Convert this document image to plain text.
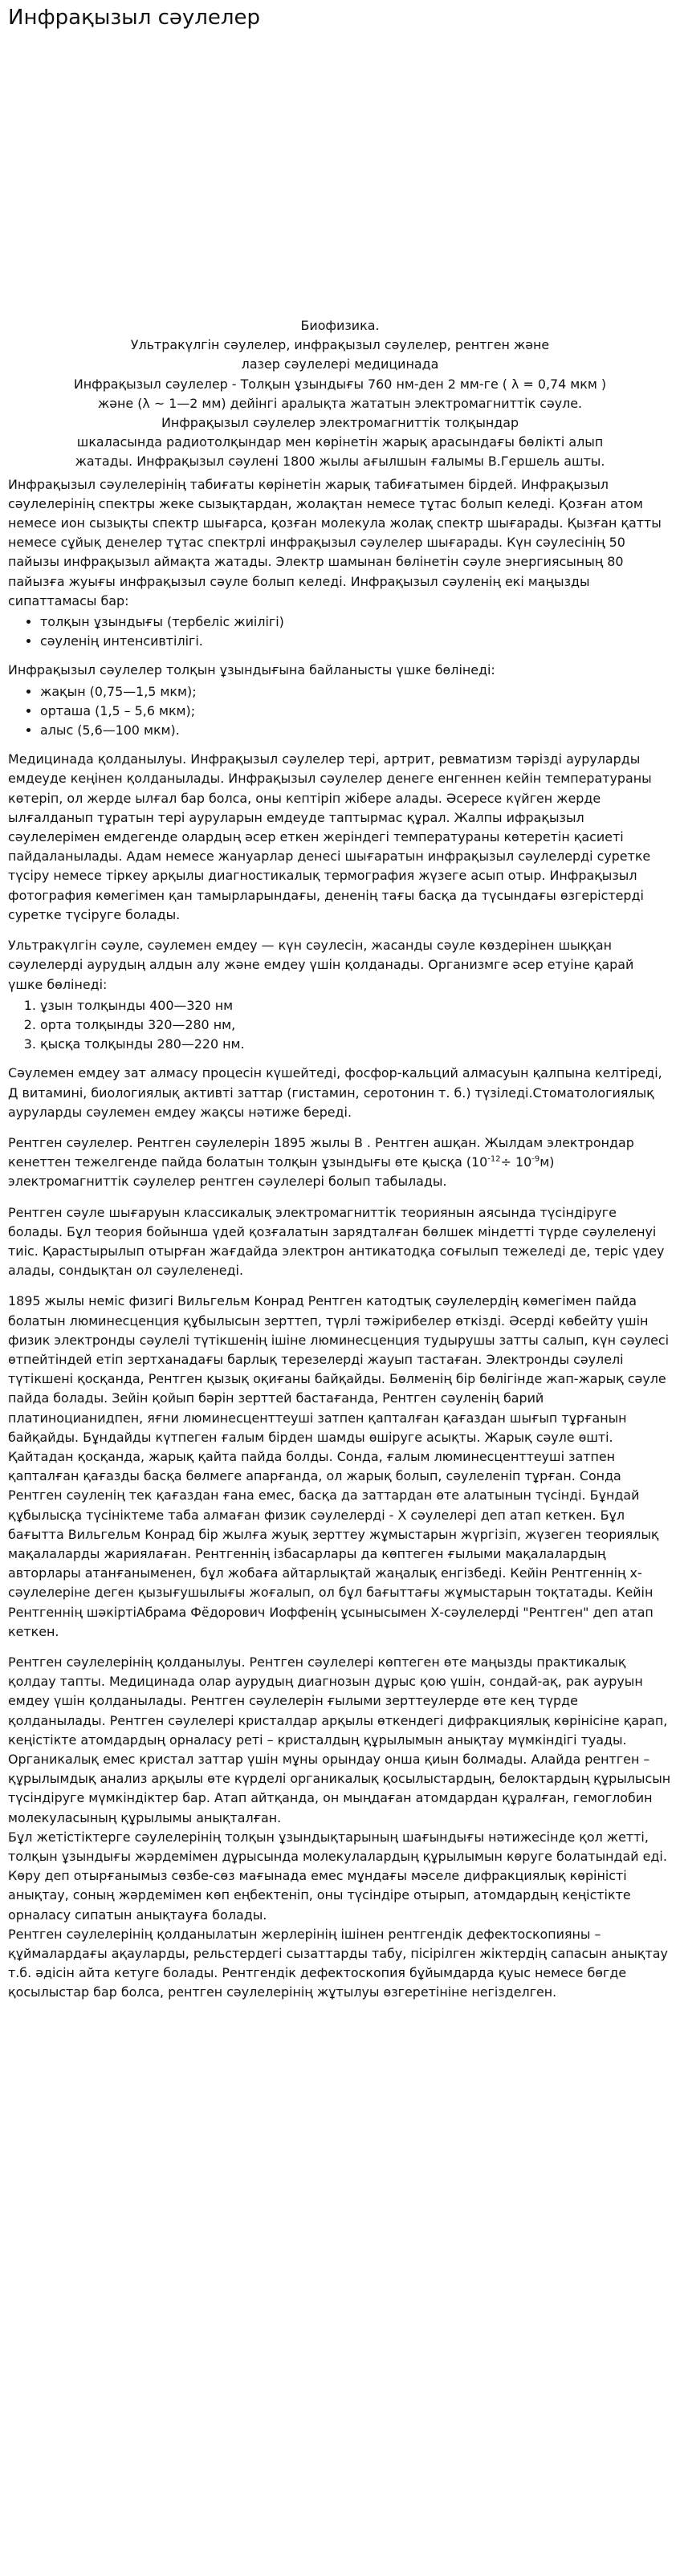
Инфрақызыл сәулелер
Биофизика.
Ультракүлгін сәулелер, инфрақызыл сәулелер, рентген және
лазер сәулелері медицинада
Инфрақызыл сәулелер - Толқын ұзындығы 760 нм-ден 2 мм-ге ( λ = 0,74 мкм )
және (λ ~ 1—2 мм) дейінгі аралықта жататын электромагниттік сәуле.
Инфрақызыл сәулелер электромагниттік толқындар
шкаласында радиотолқындар мен көрінетін жарық арасындағы бөлікті алып
жатады. Инфрақызыл сәулені 1800 жылы ағылшын ғалымы В.Гершель ашты.

Инфрақызыл сәулелерінің табиғаты көрінетін жарық табиғатымен бірдей. Инфрақызыл сәулелерінің спектры жеке сызықтардан, жолақтан немесе тұтас болып келеді. Қозған атом немесе ион сызықты спектр шығарса, қозған молекула жолақ спектр шығарады. Қызған қатты немесе сұйық денелер тұтас спектрлі инфрақызыл сәулелер шығарады. Күн сәулесінің 50 пайызы инфрақызыл аймақта жатады. Электр шамынан бөлінетін сәуле энергиясының 80 пайызға жуығы инфрақызыл сәуле болып келеді. Инфрақызыл сәуленің екі маңызды сипаттамасы бар:

• толқын ұзындығы (тербеліс жиілігі)
• сәуленің интенсивтілігі.

Инфрақызыл сәулелер толқын ұзындығына байланысты үшке бөлінеді:

• жақын (0,75—1,5 мкм);
• орташа (1,5 – 5,6 мкм);
• алыс (5,6—100 мкм).

Медицинада қолданылуы. Инфрақызыл сәулелер тері, артрит, ревматизм тәрізді ауруларды емдеуде кеңінен қолданылады. Инфрақызыл сәулелер денеге енгеннен кейін температураны көтеріп, ол жерде ылғал бар болса, оны кептіріп жібере алады. Әсересе күйген жерде ылғалданып тұратын тері ауруларын емдеуде таптырмас құрал. Жалпы ифрақызыл сәулелерімен емдегенде олардың әсер еткен жеріндегі температураны көтеретін қасиеті пайдаланылады. Адам немесе жануарлар денесі шығаратын инфрақызыл сәулелерді суретке түсіру немесе тіркеу арқылы диагностикалық термография жүзеге асып отыр. Инфрақызыл фотография көмегімен қан тамырларындағы, дененің тағы басқа да түсындағы өзгерістерді суретке түсіруге болады.

Ультракүлгін сәуле, сәулемен емдеу — күн сәулесін, жасанды сәуле көздерінен шыққан сәулелерді аурудың алдын алу және емдеу үшін қолданады. Организмге әсер етуіне қарай үшке бөлінеді:

1. ұзын толқынды 400—320 нм
2. орта толқынды 320—280 нм,
3. қысқа толқынды 280—220 нм.

Сәулемен емдеу зат алмасу процесін күшейтеді, фосфор-кальций алмасуын қалпына келтіреді, Д витамині, биологиялық активті заттар (гистамин, серотонин т. б.) түзіледі.Стоматологиялық ауруларды сәулемен емдеу жақсы нәтиже береді.

Рентген сәулелер. Рентген сәулелерін 1895 жылы В . Рентген ашқан. Жылдам электрондар кенеттен тежелгенде пайда болатын толқын ұзындығы өте қысқа $(10^{-12}\div 10^{-9}м)$ электромагниттік сәулелер рентген сәулелері болып табылады.

Рентген сәуле шығаруын классикалық электромагниттік теориянын аясында түсіндіруге болады. Бұл теория бойынша үдей қозғалатын зарядталған бөлшек міндетті түрде сәулеленуі тиіс. Қарастырылып отырған жағдайда электрон антикатодқа соғылып тежеледі де, теріс үдеу алады, сондықтан ол сәулеленеді.

1895 жылы неміс физигі Вильгельм Конрад Рентген катодтық сәулелердің көмегімен пайда болатын люминесценция құбылысын зерттеп, түрлі тәжірибелер өткізді. Әсерді көбейту үшін физик электронды сәулелі түтікшенің ішіне люминесценция тудырушы затты салып, күн сәулесі өтпейтіндей етіп зертханадағы барлық терезелерді жауып тастаған. Электронды сәулелі түтікшені қосқанда, Рентген қызық оқиғаны байқайды. Бөлменің бір бөлігінде жап-жарық сәуле пайда болады. Зейін қойып бәрін зерттей бастағанда, Рентген сәуленің барий платиноцианидпен, яғни люминесценттеуші затпен қапталған қағаздан шығып тұрғанын байқайды. Бұндайды күтпеген ғалым бірден шамды өшіруге асықты. Жарық сәуле өшті. Қайтадан қосқанда, жарық қайта пайда болды. Сонда, ғалым люминесценттеуші затпен қапталған қағазды басқа бөлмеге апарғанда, ол жарық болып, сәулеленіп тұрған. Сонда Рентген сәуленің тек қағаздан ғана емес, басқа да заттардан өте алатынын түсінді. Бұндай құбылысқа түсініктеме таба алмаған физик сәулелерді - Х сәулелері деп атап кеткен. Бұл бағытта Вильгельм Конрад бір жылға жуық зерттеу жұмыстарын жүргізіп, жүзеген теориялық мақалаларды жариялаған. Рентгеннің ізбасарлары да көптеген ғылыми мақалалардың авторлары атанғаныменен, бұл жобаға айтарлықтай жаңалық енгізбеді. Кейін Рентгеннің х-сәулелеріне деген қызығушылығы жоғалып, ол бұл бағыттағы жұмыстарын тоқтатады. Кейін Рентгеннің шәкіртіАбрама Фёдорович Иоффенің ұсынысымен Х-сәулелерді "Рентген" деп атап кеткен.

Рентген сәулелерінің қолданылуы. Рентген сәулелері көптеген өте маңызды практикалық қолдау тапты. Медицинада олар аурудың диагнозын дұрыс қою үшін, сондай-ақ, рак ауруын емдеу үшін қолданылады. Рентген сәулелерін ғылыми зерттеулерде өте кең түрде қолданылады. Рентген сәулелері кристалдар арқылы өткендегі дифракциялық көрінісіне қарап, кеңістікте атомдардың орналасу реті – кристалдың құрылымын анықтау мүмкіндігі туады. Органикалық емес кристал заттар үшін мұны орындау онша қиын болмады. Алайда рентген – құрылымдық анализ арқылы өте күрделі органикалық қосылыстардың, белоктардың құрылысын түсіндіруге мүмкіндіктер бар. Атап айтқанда, он мыңдаған атомдардан құралған, гемоглобин молекуласының құрылымы анықталған.
Бұл жетістіктерге сәулелерінің толқын ұзындықтарының шағындығы нәтижесінде қол жетті, толқын ұзындығы жәрдемімен дұрысында молекулалардың құрылымын көруге болатындай еді. Көру деп отырғанымыз сөзбе-сөз мағынада емес мұндағы мәселе дифракциялық көріністі анықтау, соның жәрдемімен көп еңбектеніп, оны түсіндіре отырып, атомдардың кеңістікте орналасу сипатын анықтауға болады.
Рентген сәулелерінің қолданылатын жерлерінің ішінен рентгендік дефектоскопияны – құймалардағы ақауларды, рельстердегі сызаттарды табу, пісірілген жіктердің сапасын анықтау т.б. әдісін айта кетуге болады. Рентгендік дефектоскопия бұйымдарда қуыс немесе бөгде қосылыстар бар болса, рентген сәулелерінің жұтылуы өзгеретініне негізделген.
